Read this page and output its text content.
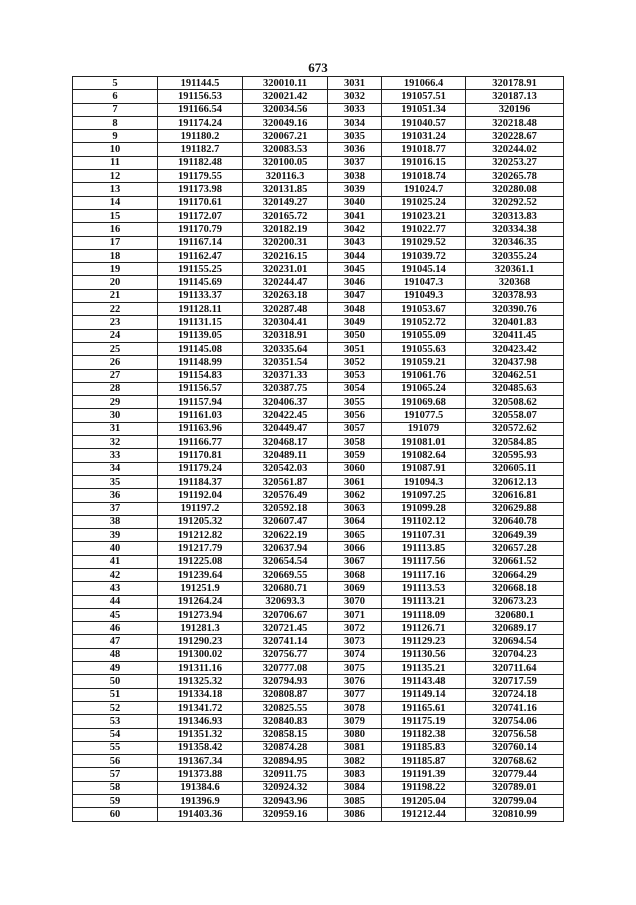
673
5	191144.5	320010.11	3031	191066.4	320178.91
6	191156.53	320021.42	3032	191057.51	320187.13
7	191166.54	320034.56	3033	191051.34	320196
8	191174.24	320049.16	3034	191040.57	320218.48
9	191180.2	320067.21	3035	191031.24	320228.67
10	191182.7	320083.53	3036	191018.77	320244.02
11	191182.48	320100.05	3037	191016.15	320253.27
12	191179.55	320116.3	3038	191018.74	320265.78
13	191173.98	320131.85	3039	191024.7	320280.08
14	191170.61	320149.27	3040	191025.24	320292.52
15	191172.07	320165.72	3041	191023.21	320313.83
16	191170.79	320182.19	3042	191022.77	320334.38
17	191167.14	320200.31	3043	191029.52	320346.35
18	191162.47	320216.15	3044	191039.72	320355.24
19	191155.25	320231.01	3045	191045.14	320361.1
20	191145.69	320244.47	3046	191047.3	320368
21	191133.37	320263.18	3047	191049.3	320378.93
22	191128.11	320287.48	3048	191053.67	320390.76
23	191131.15	320304.41	3049	191052.72	320401.83
24	191139.05	320318.91	3050	191055.09	320411.45
25	191145.08	320335.64	3051	191055.63	320423.42
26	191148.99	320351.54	3052	191059.21	320437.98
27	191154.83	320371.33	3053	191061.76	320462.51
28	191156.57	320387.75	3054	191065.24	320485.63
29	191157.94	320406.37	3055	191069.68	320508.62
30	191161.03	320422.45	3056	191077.5	320558.07
31	191163.96	320449.47	3057	191079	320572.62
32	191166.77	320468.17	3058	191081.01	320584.85
33	191170.81	320489.11	3059	191082.64	320595.93
34	191179.24	320542.03	3060	191087.91	320605.11
35	191184.37	320561.87	3061	191094.3	320612.13
36	191192.04	320576.49	3062	191097.25	320616.81
37	191197.2	320592.18	3063	191099.28	320629.88
38	191205.32	320607.47	3064	191102.12	320640.78
39	191212.82	320622.19	3065	191107.31	320649.39
40	191217.79	320637.94	3066	191113.85	320657.28
41	191225.08	320654.54	3067	191117.56	320661.52
42	191239.64	320669.55	3068	191117.16	320664.29
43	191251.9	320680.71	3069	191113.53	320668.18
44	191264.24	320693.3	3070	191113.21	320673.23
45	191273.94	320706.67	3071	191118.09	320680.1
46	191281.3	320721.45	3072	191126.71	320689.17
47	191290.23	320741.14	3073	191129.23	320694.54
48	191300.02	320756.77	3074	191130.56	320704.23
49	191311.16	320777.08	3075	191135.21	320711.64
50	191325.32	320794.93	3076	191143.48	320717.59
51	191334.18	320808.87	3077	191149.14	320724.18
52	191341.72	320825.55	3078	191165.61	320741.16
53	191346.93	320840.83	3079	191175.19	320754.06
54	191351.32	320858.15	3080	191182.38	320756.58
55	191358.42	320874.28	3081	191185.83	320760.14
56	191367.34	320894.95	3082	191185.87	320768.62
57	191373.88	320911.75	3083	191191.39	320779.44
58	191384.6	320924.32	3084	191198.22	320789.01
59	191396.9	320943.96	3085	191205.04	320799.04
60	191403.36	320959.16	3086	191212.44	320810.99
